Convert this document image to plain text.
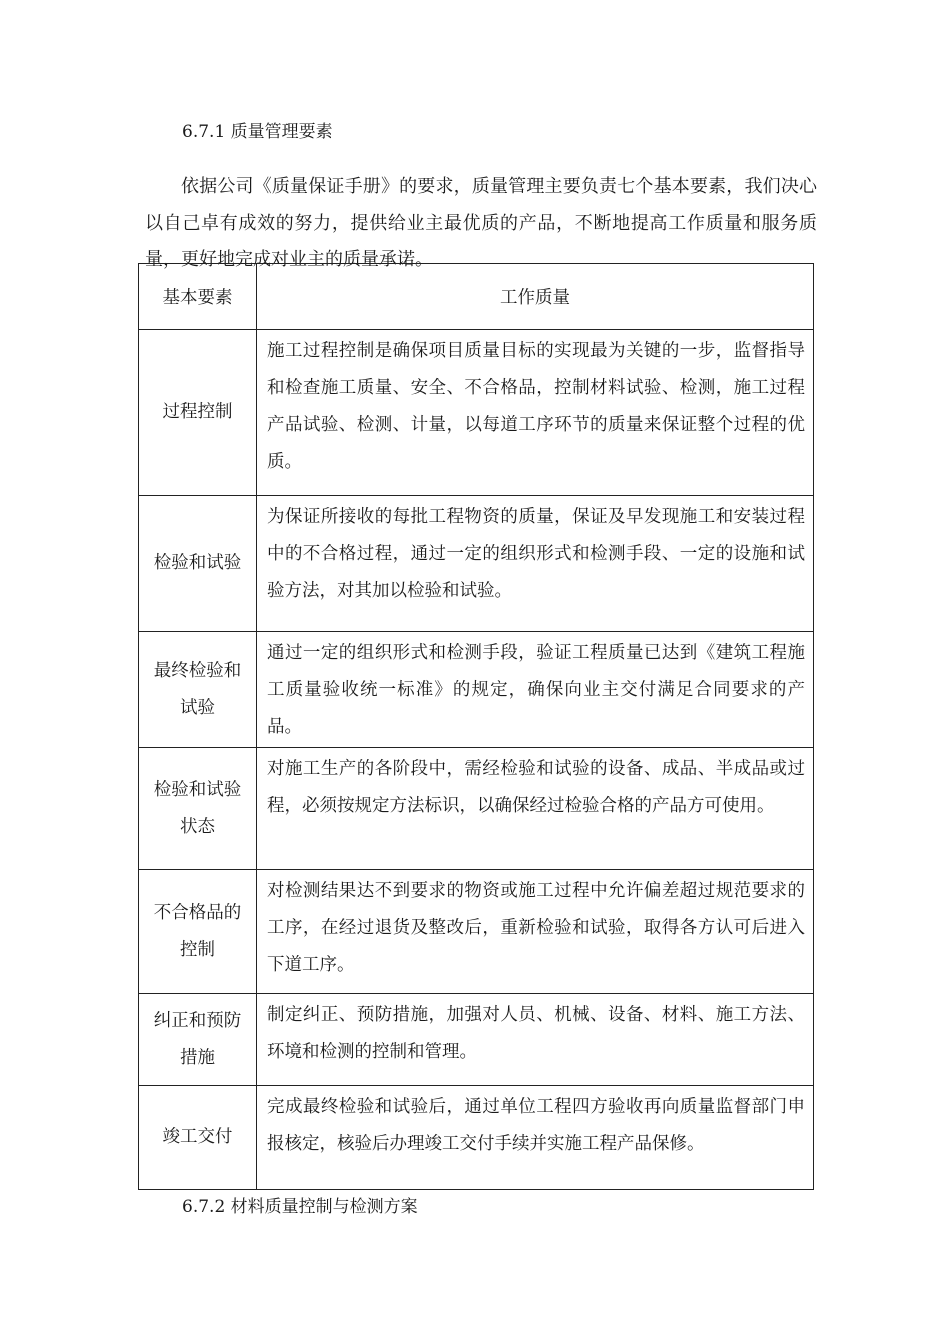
6.7.1 质量管理要素

依据公司《质量保证手册》的要求，质量管理主要负责七个基本要素，我们决心以自己卓有成效的努力，提供给业主最优质的产品，不断地提高工作质量和服务质量，更好地完成对业主的质量承诺。

基本要素	工作质量
过程控制	施工过程控制是确保项目质量目标的实现最为关键的一步，监督指导和检查施工质量、安全、不合格品，控制材料试验、检测，施工过程产品试验、检测、计量，以每道工序环节的质量来保证整个过程的优质。
检验和试验	为保证所接收的每批工程物资的质量，保证及早发现施工和安装过程中的不合格过程，通过一定的组织形式和检测手段、一定的设施和试验方法，对其加以检验和试验。
最终检验和试验	通过一定的组织形式和检测手段，验证工程质量已达到《建筑工程施工质量验收统一标准》的规定，确保向业主交付满足合同要求的产品。
检验和试验状态	对施工生产的各阶段中，需经检验和试验的设备、成品、半成品或过程，必须按规定方法标识，以确保经过检验合格的产品方可使用。
不合格品的控制	对检测结果达不到要求的物资或施工过程中允许偏差超过规范要求的工序，在经过退货及整改后，重新检验和试验，取得各方认可后进入下道工序。
纠正和预防措施	制定纠正、预防措施，加强对人员、机械、设备、材料、施工方法、环境和检测的控制和管理。
竣工交付	完成最终检验和试验后，通过单位工程四方验收再向质量监督部门申报核定，核验后办理竣工交付手续并实施工程产品保修。
6.7.2 材料质量控制与检测方案
